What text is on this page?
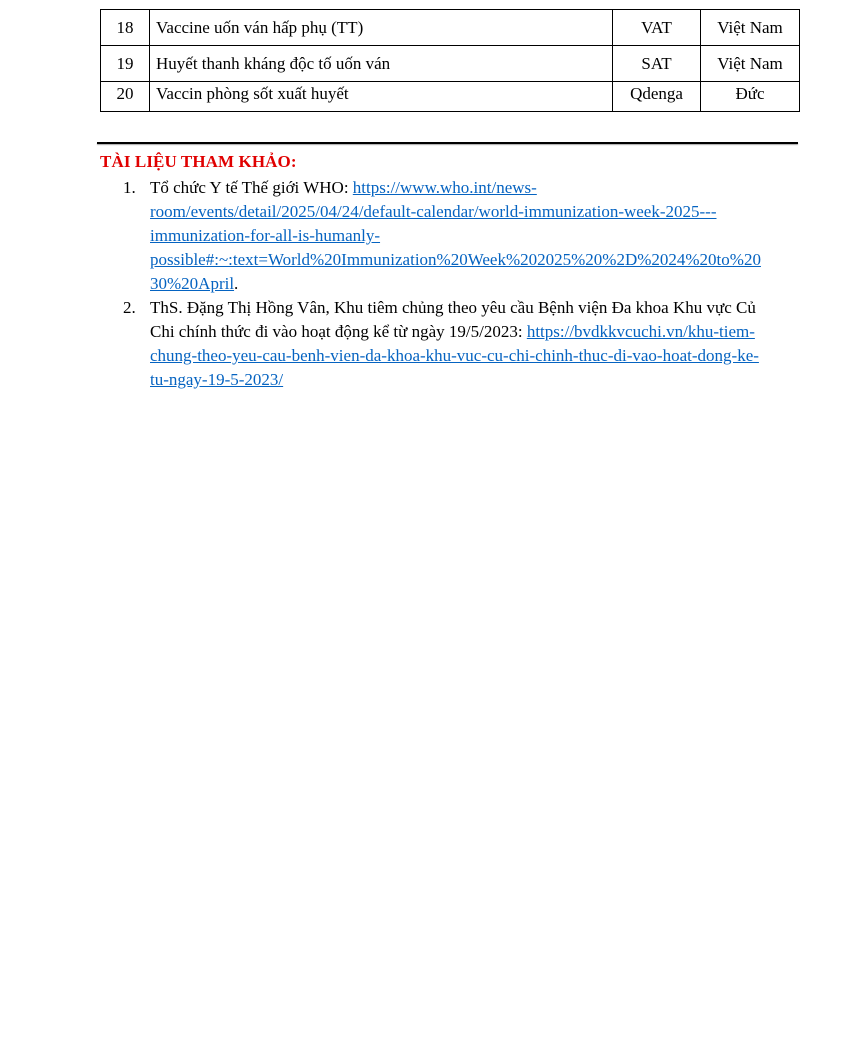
18	Vaccine uốn ván hấp phụ (TT)	VAT	Việt Nam
19	Huyết thanh kháng độc tố uốn ván	SAT	Việt Nam
20	Vaccin phòng sốt xuất huyết	Qdenga	Đức
TÀI LIỆU THAM KHẢO:
1. Tổ chức Y tế Thế giới WHO: https://www.who.int/news-
room/events/detail/2025/04/24/default-calendar/world-immunization-week-2025---
immunization-for-all-is-humanly-
possible#:~:text=World%20Immunization%20Week%202025%20%2D%2024%20to%20
30%20April.
2. ThS. Đặng Thị Hồng Vân, Khu tiêm chủng theo yêu cầu Bệnh viện Đa khoa Khu vực Củ
Chi chính thức đi vào hoạt động kể từ ngày 19/5/2023: https://bvdkkvcuchi.vn/khu-tiem-
chung-theo-yeu-cau-benh-vien-da-khoa-khu-vuc-cu-chi-chinh-thuc-di-vao-hoat-dong-ke-
tu-ngay-19-5-2023/
